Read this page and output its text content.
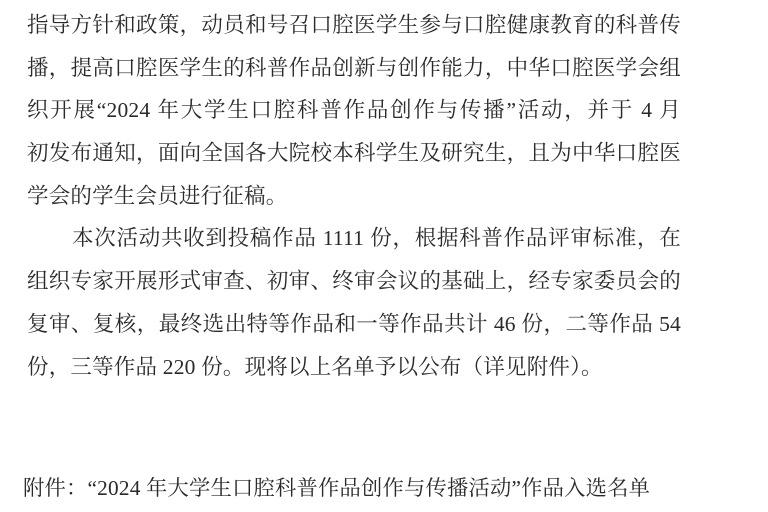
指导方针和政策，动员和号召口腔医学生参与口腔健康教育的科普传
播，提高口腔医学生的科普作品创新与创作能力，中华口腔医学会组
织开展“2024 年大学生口腔科普作品创作与传播”活动，并于 4 月
初发布通知，面向全国各大院校本科学生及研究生，且为中华口腔医
学会的学生会员进行征稿。
本次活动共收到投稿作品 1111 份，根据科普作品评审标准，在
组织专家开展形式审查、初审、终审会议的基础上，经专家委员会的
复审、复核，最终选出特等作品和一等作品共计 46 份，二等作品 54
份，三等作品 220 份。现将以上名单予以公布（详见附件）。
附件：“2024 年大学生口腔科普作品创作与传播活动”作品入选名单
